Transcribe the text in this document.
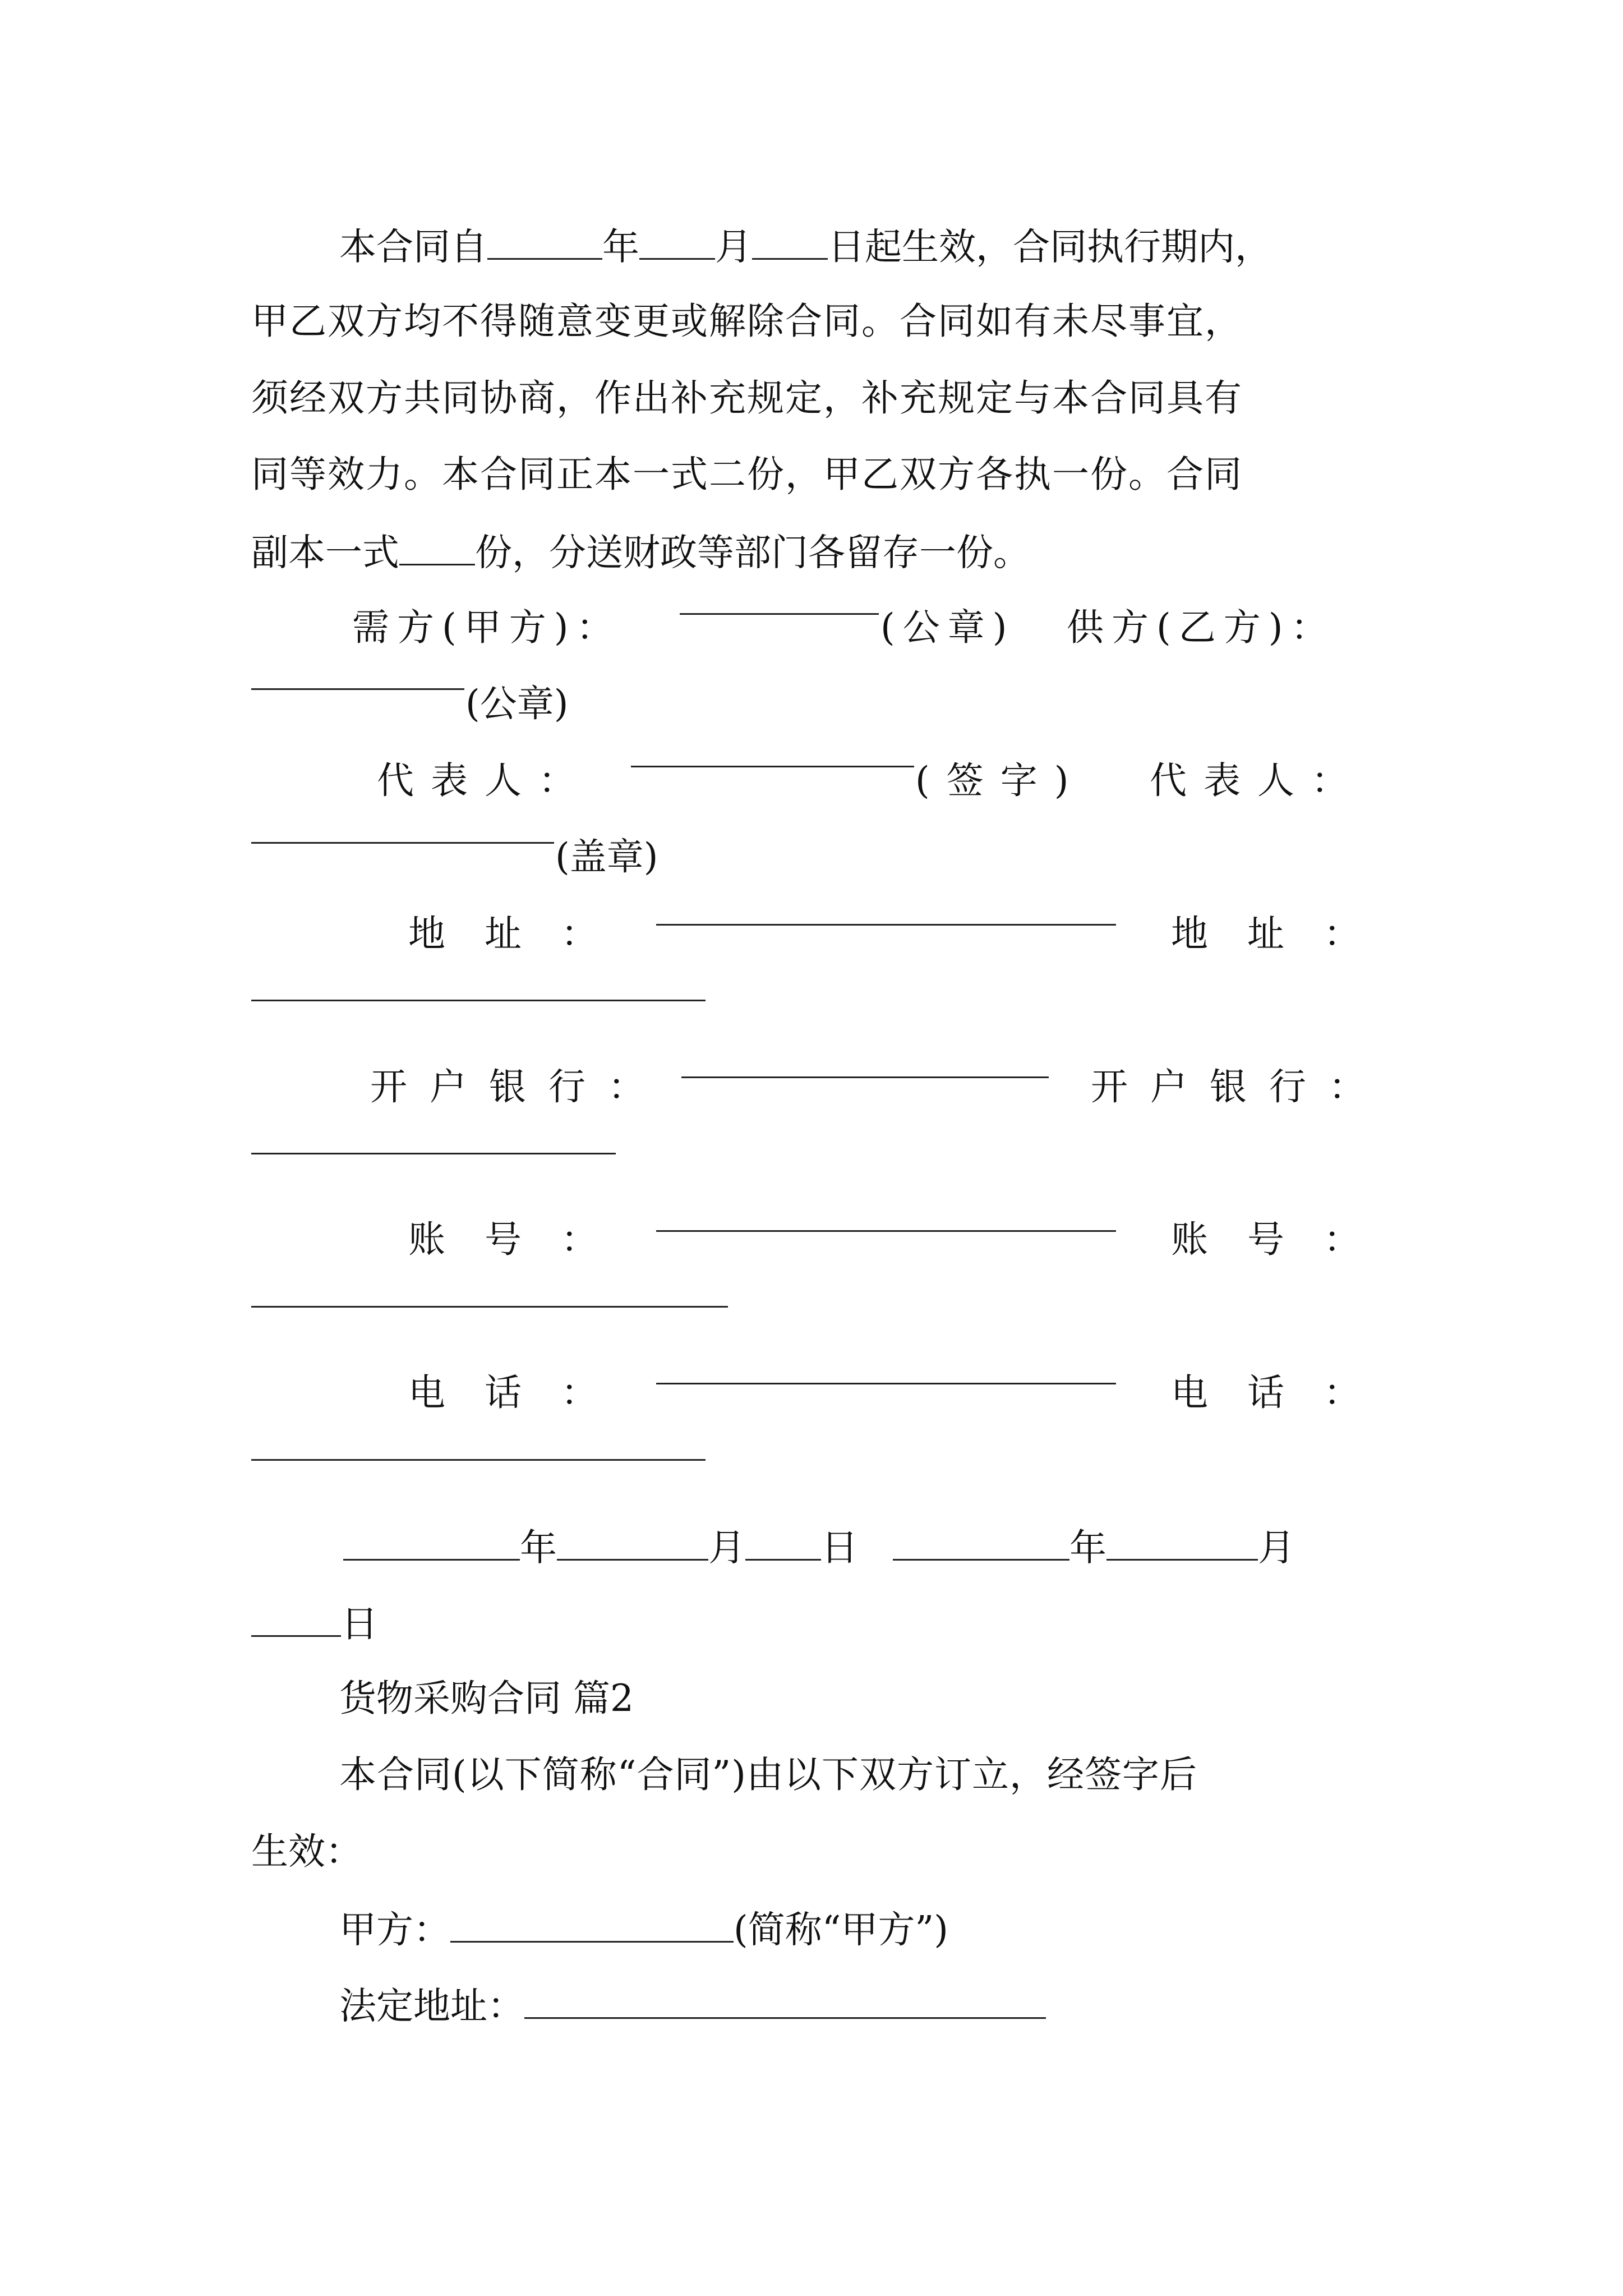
本合同自	年 月 日起生效，合同执行期内，
甲乙双方均不得随意变更或解除合同。合同如有未尽事宜，
须经双方共同协商，作出补充规定，补充规定与本合同具有
同等效力。本合同正本一式二份，甲乙双方各执一份。合同
副本一式 份，分送财政等部门各留存一份。
需方(甲方)：	(公章) 供方(乙方)：
(公章)
代表人：	(签字) 代表人：
(盖章)
地址：	地址：
开户银行：	开户银行：
账号：	账号：
电话：	电话：
年	月 日	年	月
日
货物采购合同 篇2
本合同(以下简称“合同”)由以下双方订立，经签字后
生效：
甲方：	(简称“甲方”)
法定地址：
